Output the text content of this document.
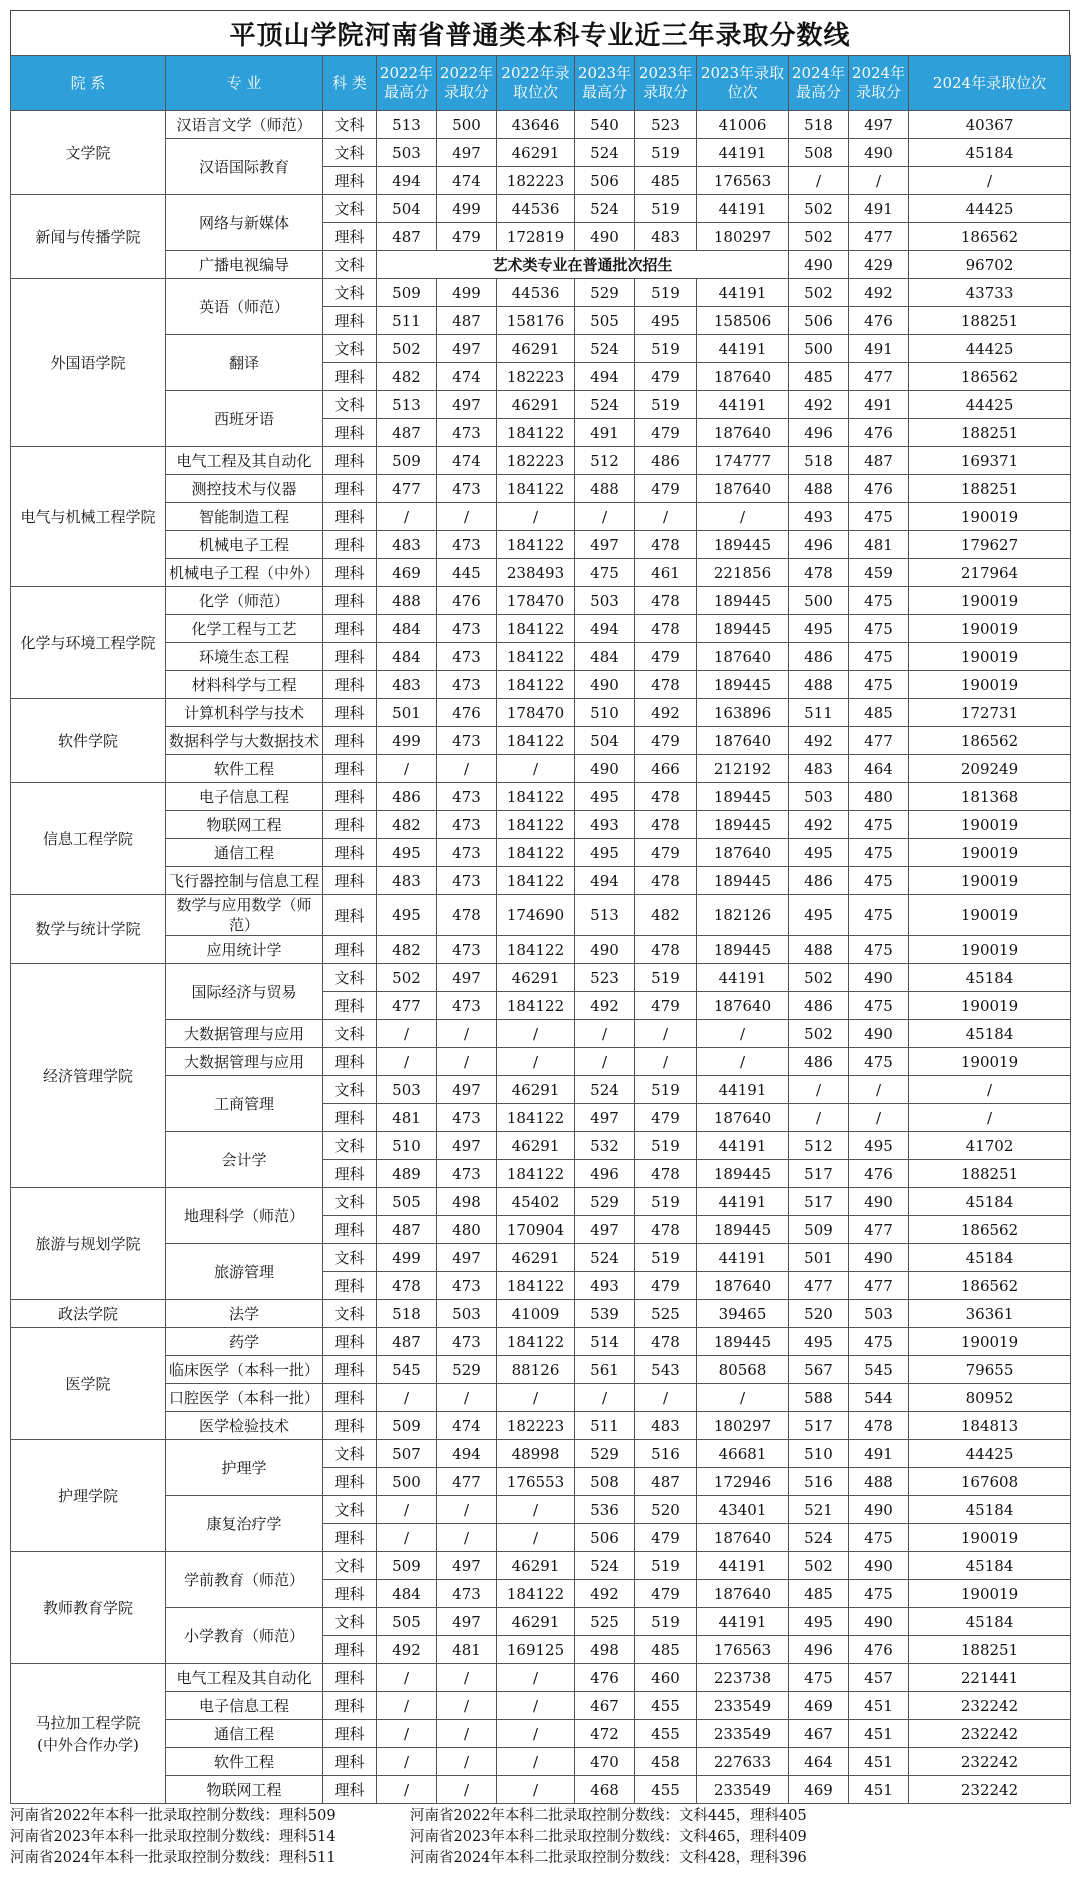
平顶山学院河南省普通类本科专业近三年录取分数线
院 系	专 业	科 类	2022年最高分	2022年录取分	2022年录取位次	2023年最高分	2023年录取分	2023年录取位次	2024年最高分	2024年录取分	2024年录取位次
文学院	汉语言文学（师范）	文科	513	500	43646	540	523	41006	518	497	40367
	汉语国际教育	文科	503	497	46291	524	519	44191	508	490	45184
		理科	494	474	182223	506	485	176563	/	/	/
新闻与传播学院	网络与新媒体	文科	504	499	44536	524	519	44191	502	491	44425
		理科	487	479	172819	490	483	180297	502	477	186562
	广播电视编导	文科	艺术类专业在普通批次招生						490	429	96702
外国语学院	英语（师范）	文科	509	499	44536	529	519	44191	502	492	43733
		理科	511	487	158176	505	495	158506	506	476	188251
	翻译	文科	502	497	46291	524	519	44191	500	491	44425
		理科	482	474	182223	494	479	187640	485	477	186562
	西班牙语	文科	513	497	46291	524	519	44191	492	491	44425
		理科	487	473	184122	491	479	187640	496	476	188251
电气与机械工程学院	电气工程及其自动化	理科	509	474	182223	512	486	174777	518	487	169371
	测控技术与仪器	理科	477	473	184122	488	479	187640	488	476	188251
	智能制造工程	理科	/	/	/	/	/	/	493	475	190019
	机械电子工程	理科	483	473	184122	497	478	189445	496	481	179627
	机械电子工程（中外）	理科	469	445	238493	475	461	221856	478	459	217964
化学与环境工程学院	化学（师范）	理科	488	476	178470	503	478	189445	500	475	190019
	化学工程与工艺	理科	484	473	184122	494	478	189445	495	475	190019
	环境生态工程	理科	484	473	184122	484	479	187640	486	475	190019
	材料科学与工程	理科	483	473	184122	490	478	189445	488	475	190019
软件学院	计算机科学与技术	理科	501	476	178470	510	492	163896	511	485	172731
	数据科学与大数据技术	理科	499	473	184122	504	479	187640	492	477	186562
	软件工程	理科	/	/	/	490	466	212192	483	464	209249
信息工程学院	电子信息工程	理科	486	473	184122	495	478	189445	503	480	181368
	物联网工程	理科	482	473	184122	493	478	189445	492	475	190019
	通信工程	理科	495	473	184122	495	479	187640	495	475	190019
	飞行器控制与信息工程	理科	483	473	184122	494	478	189445	486	475	190019
数学与统计学院	数学与应用数学（师范）	理科	495	478	174690	513	482	182126	495	475	190019
	应用统计学	理科	482	473	184122	490	478	189445	488	475	190019
经济管理学院	国际经济与贸易	文科	502	497	46291	523	519	44191	502	490	45184
		理科	477	473	184122	492	479	187640	486	475	190019
	大数据管理与应用	文科	/	/	/	/	/	/	502	490	45184
	大数据管理与应用	理科	/	/	/	/	/	/	486	475	190019
	工商管理	文科	503	497	46291	524	519	44191	/	/	/
		理科	481	473	184122	497	479	187640	/	/	/
	会计学	文科	510	497	46291	532	519	44191	512	495	41702
		理科	489	473	184122	496	478	189445	517	476	188251
旅游与规划学院	地理科学（师范）	文科	505	498	45402	529	519	44191	517	490	45184
		理科	487	480	170904	497	478	189445	509	477	186562
	旅游管理	文科	499	497	46291	524	519	44191	501	490	45184
		理科	478	473	184122	493	479	187640	477	477	186562
政法学院	法学	文科	518	503	41009	539	525	39465	520	503	36361
医学院	药学	理科	487	473	184122	514	478	189445	495	475	190019
	临床医学（本科一批）	理科	545	529	88126	561	543	80568	567	545	79655
	口腔医学（本科一批）	理科	/	/	/	/	/	/	588	544	80952
	医学检验技术	理科	509	474	182223	511	483	180297	517	478	184813
护理学院	护理学	文科	507	494	48998	529	516	46681	510	491	44425
		理科	500	477	176553	508	487	172946	516	488	167608
	康复治疗学	文科	/	/	/	536	520	43401	521	490	45184
		理科	/	/	/	506	479	187640	524	475	190019
教师教育学院	学前教育（师范）	文科	509	497	46291	524	519	44191	502	490	45184
		理科	484	473	184122	492	479	187640	485	475	190019
	小学教育（师范）	文科	505	497	46291	525	519	44191	495	490	45184
		理科	492	481	169125	498	485	176563	496	476	188251
马拉加工程学院
(中外合作办学)	电气工程及其自动化	理科	/	/	/	476	460	223738	475	457	221441
	电子信息工程	理科	/	/	/	467	455	233549	469	451	232242
	通信工程	理科	/	/	/	472	455	233549	467	451	232242
	软件工程	理科	/	/	/	470	458	227633	464	451	232242
	物联网工程	理科	/	/	/	468	455	233549	469	451	232242
河南省2022年本科一批录取控制分数线：理科509	河南省2022年本科二批录取控制分数线：文科445，理科405
河南省2023年本科一批录取控制分数线：理科514	河南省2023年本科二批录取控制分数线：文科465，理科409
河南省2024年本科一批录取控制分数线：理科511	河南省2024年本科二批录取控制分数线：文科428，理科396
